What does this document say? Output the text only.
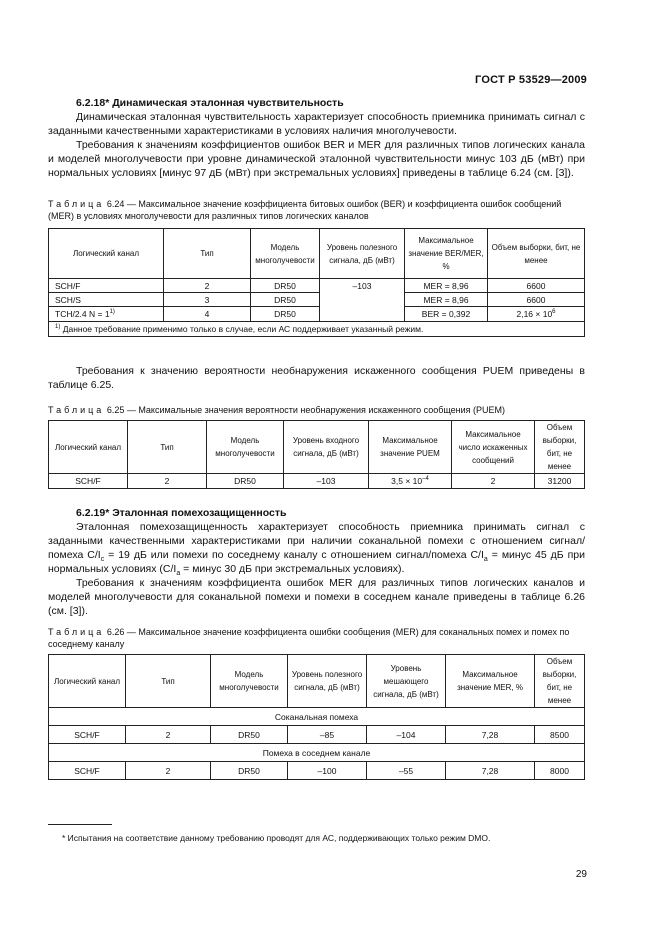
ГОСТ Р 53529—2009

6.2.18* Динамическая эталонная чувствительность

Динамическая эталонная чувствительность характеризует способность приемника принимать сигнал с заданными качественными характеристиками в условиях наличия многолучевости.

Требования к значениям коэффициентов ошибок BER и MER для различных типов логических канала и моделей многолучевости при уровне динамической эталонной чувствительности минус 103 дБ (мВт) при нормальных условиях [минус 97 дБ (мВт) при экстремальных условиях] приведены в таблице 6.24 (см. [3]).

Таблица 6.24 — Максимальное значение коэффициента битовых ошибок (BER) и коэффициента ошибок сообщений (MER) в условиях многолучевости для различных типов логических каналов

Логический канал	Тип	Модель многолучевости	Уровень полезного сигнала, дБ (мВт)	Максимальное значение BER/MER, %	Объем выборки, бит, не менее
SCH/F	2	DR50	–103	MER = 8,96	6600
SCH/S	3	DR50		MER = 8,96	6600
TCH/2.4 $N = 1^{1)}$	4	DR50		BER = 0,392	$2,16 \times 10^6$
$^{1)}$ Данное требование применимо только в случае, если АС поддерживает указанный режим.					

Требования к значению вероятности необнаружения искаженного сообщения PUEM приведены в таблице 6.25.

Таблица 6.25 — Максимальные значения вероятности необнаружения искаженного сообщения (PUEM)

Логический канал	Тип	Модель многолучевости	Уровень входного сигнала, дБ (мВт)	Максимальное значение PUEM	Максимальное число искаженных сообщений	Объем выборки, бит, не менее
SCH/F	2	DR50	–103	$3,5 \times 10^{-4}$	2	31200

6.2.19* Эталонная помехозащищенность

Эталонная помехозащищенность характеризует способность приемника принимать сигнал с заданными качественными характеристиками при наличии соканальной помехи с отношением сигнал/помеха $C/I_c = 19$ дБ или помехи по соседнему каналу с отношением сигнал/помеха $C/I_a$ = минус 45 дБ при нормальных условиях ($C/I_a$ = минус 30 дБ при экстремальных условиях).

Требования к значениям коэффициента ошибок MER для различных типов логических каналов и моделей многолучевости для соканальной помехи и помехи в соседнем канале приведены в таблице 6.26 (см. [3]).

Таблица 6.26 — Максимальное значение коэффициента ошибки сообщения (MER) для соканальных помех и помех по соседнему каналу

Логический канал	Тип	Модель многолучевости	Уровень полезного сигнала, дБ (мВт)	Уровень мешающего сигнала, дБ (мВт)	Максимальное значение MER, %	Объем выборки, бит, не менее
Соканальная помеха						
SCH/F	2	DR50	–85	–104	7,28	8500
Помеха в соседнем канале						
SCH/F	2	DR50	–100	–55	7,28	8000
* Испытания на соответствие данному требованию проводят для АС, поддерживающих только режим DMO.
29
